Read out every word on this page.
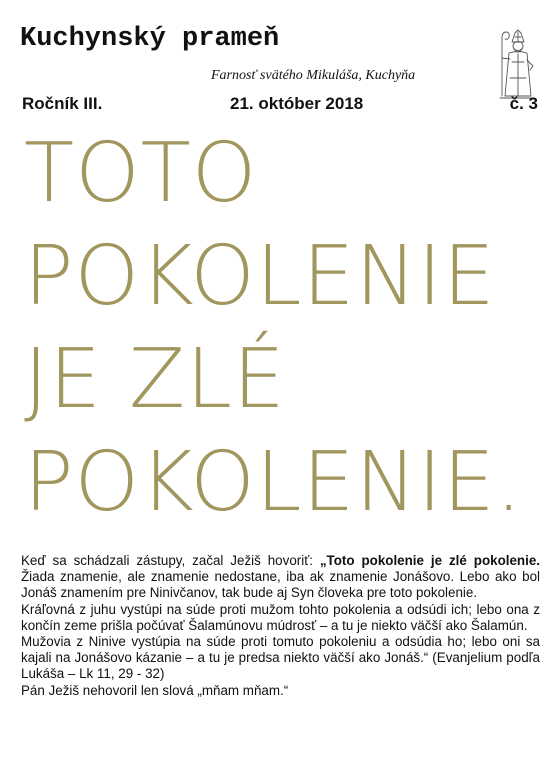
Kuchynský prameň
Farnosť svätého Mikuláša, Kuchyňa
Ročník III.	21. október 2018	č. 3
TOTO
POKOLENIE
JE ZLÉ
POKOLENIE.

Keď sa schádzali zástupy, začal Ježiš hovoriť: „Toto pokolenie je zlé pokolenie. Žiada znamenie, ale znamenie nedostane, iba ak znamenie Jonášovo. Lebo ako bol Jonáš znamením pre Ninivčanov, tak bude aj Syn človeka pre toto pokolenie.

Kráľovná z juhu vystúpi na súde proti mužom tohto pokolenia a odsúdi ich; lebo ona z končín zeme prišla počúvať Šalamúnovu múdrosť – a tu je niekto väčší ako Šalamún.

Mužovia z Ninive vystúpia na súde proti tomuto pokoleniu a odsúdia ho; lebo oni sa kajali na Jonášovo kázanie – a tu je predsa niekto väčší ako Jonáš.“ (Evanjelium podľa Lukáša – Lk 11, 29 - 32)

Pán Ježiš nehovoril len slová „mňam mňam.“
